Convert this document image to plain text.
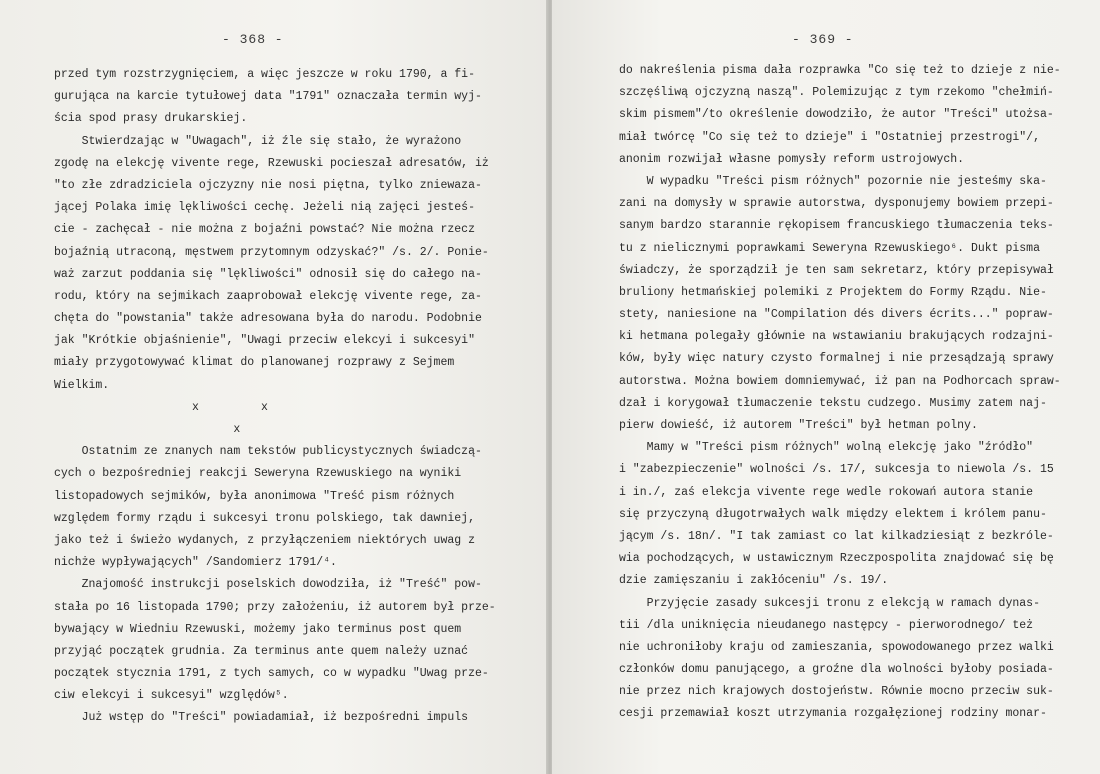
- 368 -
przed tym rozstrzygnięciem, a więc jeszcze w roku 1790, a fi-
gurująca na karcie tytułowej data "1791" oznaczała termin wyj-
ścia spod prasy drukarskiej.
Stwierdzając w "Uwagach", iż źle się stało, że wyrażono
zgodę na elekcję vivente rege, Rzewuski pocieszał adresatów, iż
"to złe zdradziciela ojczyzny nie nosi piętna, tylko zniewaza-
jącej Polaka imię lękliwości cechę. Jeżeli nią zajęci jesteś-
cie - zachęcał - nie można z bojaźni powstać? Nie można rzecz
bojaźnią utraconą, męstwem przytomnym odzyskać?" /s. 2/. Ponie-
waż zarzut poddania się "lękliwości" odnosił się do całego na-
rodu, który na sejmikach zaaprobował elekcję vivente rege, za-
chęta do "powstania" także adresowana była do narodu. Podobnie
jak "Krótkie objaśnienie", "Uwagi przeciw elekcyi i sukcesyi"
miały przygotowywać klimat do planowanej rozprawy z Sejmem
Wielkim.
x         x
x
Ostatnim ze znanych nam tekstów publicystycznych świadczą-
cych o bezpośredniej reakcji Seweryna Rzewuskiego na wyniki
listopadowych sejmików, była anonimowa "Treść pism różnych
względem formy rządu i sukcesyi tronu polskiego, tak dawniej,
jako też i świeżo wydanych, z przyłączeniem niektórych uwag z
nichże wypływających" /Sandomierz 1791/⁴.
Znajomość instrukcji poselskich dowodziła, iż "Treść" pow-
stała po 16 listopada 1790; przy założeniu, iż autorem był prze-
bywający w Wiedniu Rzewuski, możemy jako terminus post quem
przyjąć początek grudnia. Za terminus ante quem należy uznać
początek stycznia 1791, z tych samych, co w wypadku "Uwag prze-
ciw elekcyi i sukcesyi" względów⁵.
Już wstęp do "Treści" powiadamiał, iż bezpośredni impuls
- 369 -
do nakreślenia pisma dała rozprawka "Co się też to dzieje z nie-
szczęśliwą ojczyzną naszą". Polemizując z tym rzekomo "chełmiń-
skim pismem"/to określenie dowodziło, że autor "Treści" utożsa-
miał twórcę "Co się też to dzieje" i "Ostatniej przestrogi"/,
anonim rozwijał własne pomysły reform ustrojowych.
W wypadku "Treści pism różnych" pozornie nie jesteśmy ska-
zani na domysły w sprawie autorstwa, dysponujemy bowiem przepi-
sanym bardzo starannie rękopisem francuskiego tłumaczenia teks-
tu z nielicznymi poprawkami Seweryna Rzewuskiego⁶. Dukt pisma
świadczy, że sporządził je ten sam sekretarz, który przepisywał
bruliony hetmańskiej polemiki z Projektem do Formy Rządu. Nie-
stety, naniesione na "Compilation dés divers écrits..." popraw-
ki hetmana polegały głównie na wstawianiu brakujących rodzajni-
ków, były więc natury czysto formalnej i nie przesądzają sprawy
autorstwa. Można bowiem domniemywać, iż pan na Podhorcach spraw-
dzał i korygował tłumaczenie tekstu cudzego. Musimy zatem naj-
pierw dowieść, iż autorem "Treści" był hetman polny.
Mamy w "Treści pism różnych" wolną elekcję jako "źródło"
i "zabezpieczenie" wolności /s. 17/, sukcesja to niewola /s. 15
i in./, zaś elekcja vivente rege wedle rokowań autora stanie
się przyczyną długotrwałych walk między elektem i królem panu-
jącym /s. 18n/. "I tak zamiast co lat kilkadziesiąt z bezkróle-
wia pochodzących, w ustawicznym Rzeczpospolita znajdować się bę
dzie zamięszaniu i zakłóceniu" /s. 19/.
Przyjęcie zasady sukcesji tronu z elekcją w ramach dynas-
tii /dla uniknięcia nieudanego następcy - pierworodnego/ też
nie uchroniłoby kraju od zamieszania, spowodowanego przez walki
członków domu panującego, a groźne dla wolności byłoby posiada-
nie przez nich krajowych dostojeństw. Równie mocno przeciw suk-
cesji przemawiał koszt utrzymania rozgałęzionej rodziny monar-
